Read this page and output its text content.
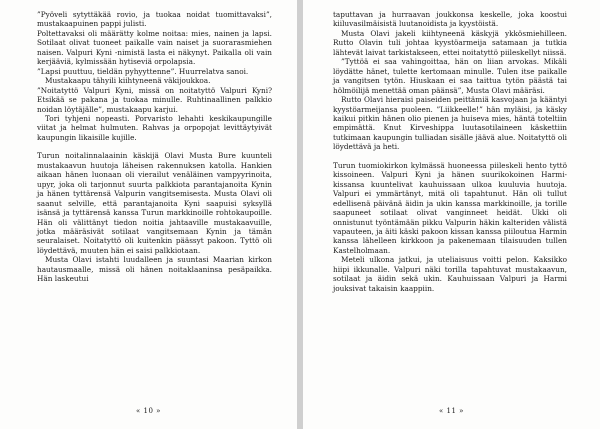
”Pyöveli sytyttäkää rovio, ja tuokaa noidat tuomittavaksi”, mustakaapuinen pappi julisti.

Poltettavaksi oli määrätty kolme noitaa: mies, nainen ja lapsi. Sotilaat olivat tuoneet paikalle vain naiset ja suorarasmiehen naisen. Valpuri Kyni -nimistä lasta ei näkynyt. Paikalla oli vain kerjääviä, kylmissään hytiseviä orpolapsia.

”Lapsi puuttuu, tieldän pyhyyttenne”. Huurrelatva sanoi.

Mustakaapu tähyili kiihtyneenä väkijoukkoa.

”Noitatyttö Valpuri Kyni, missä on noitatyttö Valpuri Kyni? Etsikää se pakana ja tuokaa minulle. Ruhtinaallinen palkkio noidan löytäjälle”, mustakaapu karjui.

Tori tyhjeni nopeasti. Porvaristo lehahti keskikaupungille viitat ja helmat hulmuten. Rahvas ja orpopojat levittäytyivät kaupungin likaisille kujille.

Turun noitalinnalaainin käskijä Olavi Musta Bure kuunteli mustakaavun huutoja läheisen rakennuksen katolla. Hankien aikaan hänen luonaan oli vierailut venäläinen vampyyrinoita, upyr, joka oli tarjonnut suurta palkkiota parantajanoita Kynin ja hänen tyttärensä Valpurin vangitsemisesta. Musta Olavi oli saanut selville, että parantajanoita Kyni saapuisi syksyllä isänsä ja tyttärensä kanssa Turun markkinoille rohtokaupoille. Hän oli välittänyt tiedon noitia jahtaaville mustakaavuille, jotka määräsivät sotilaat vangitsemaan Kynin ja tämän seuralaiset. Noitatyttö oli kuitenkin päässyt pakoon. Tyttö oli löydettävä, muuten hän ei saisi palkkiotaan.

Musta Olavi istahti luudalleen ja suuntasi Maarian kirkon hautausmaalle, missä oli hänen noitaklaaninsa pesäpaikka. Hän laskeutui

« 10 »

taputtavan ja hurraavan joukkonsa keskelle, joka koostui kiiluvasilmäisistä luutanoidista ja kyystöistä.

Musta Olavi jakeli kiihtyneenä käskyjä ykkösmiehilleen. Rutto Olavin tuli johtaa kyystöarmeija satamaan ja tutkia lähtevät laivat tarkistakseen, ettei noitatyttö piileskellyt niissä.

”Tyttöä ei saa vahingoittaa, hän on liian arvokas. Mikäli löydätte hänet, tulette kertomaan minulle. Tulen itse paikalle ja vangitsen tytön. Hiuskaan ei saa taittua tytön päästä tai hölmöilijä menettää oman päänsä”, Musta Olavi määräsi.

Rutto Olavi hieraisi paiseiden peittämiä kasvojaan ja kääntyi kyystöarmeijansa puoleen. ”Liikkeelle!” hän myläisi, ja käsky kaikui pitkin hänen olio pienen ja huiseva mies, häntä toteltiin empimättä. Knut Kirveshippa luutasotilaineen käskettiin tutkimaan kaupungin tulliadan sisälle jäävä alue. Noitatyttö oli löydettävä ja heti.

Turun tuomiokirkon kylmässä huoneessa piileskeli hento tyttö kissoineen. Valpuri Kyni ja hänen suurikokoinen Harmi-kissansa kuuntelivat kauhuissaan ulkoa kuuluvia huutoja. Valpuri ei ymmärtänyt, mitä oli tapahtunut. Hän oli tullut edellisenä päivänä äidin ja ukin kanssa markkinoille, ja torille saapuneet sotilaat olivat vanginneet heidät. Ukki oli onnistunut työntämään pikku Valpurin häkin kalteriden välistä vapauteen, ja äiti käski pakoon kissan kanssa piiloutua Harmin kanssa lähelleen kirkkoon ja pakenemaan tilaisuuden tullen Kastelholmaan.

Meteli ulkona jatkui, ja uteliaisuus voitti pelon. Kaksikko hiipi ikkunalle. Valpuri näki torilla tapahtuvat mustakaavun, sotilaat ja äidin sekä ukin. Kauhuissaan Valpuri ja Harmi jouksivat takaisin kaappiin.

« 11 »
